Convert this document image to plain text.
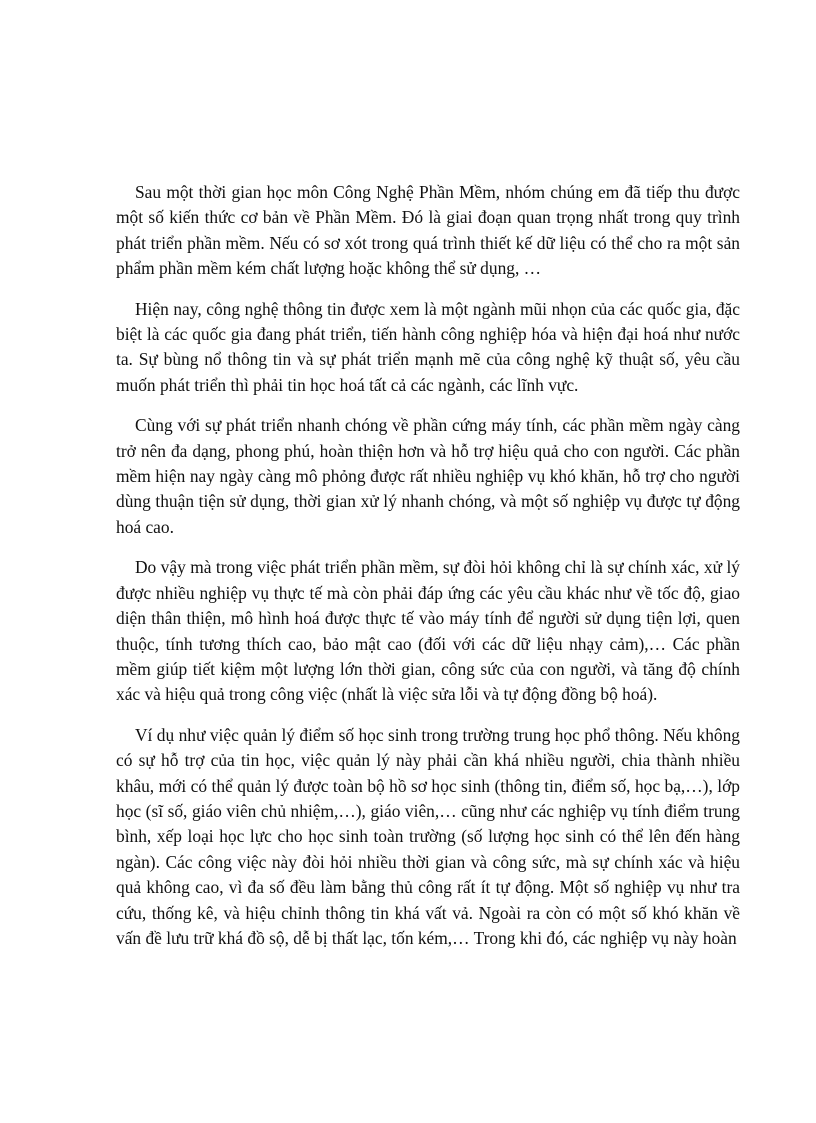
Sau một thời gian học môn Công Nghệ Phần Mềm, nhóm chúng em đã tiếp thu được một số kiến thức cơ bản về Phần Mềm. Đó là giai đoạn quan trọng nhất trong quy trình phát triển phần mềm. Nếu có sơ xót trong quá trình thiết kế dữ liệu có thể cho ra một sản phẩm phần mềm kém chất lượng hoặc không thể sử dụng, …

Hiện nay, công nghệ thông tin được xem là một ngành mũi nhọn của các quốc gia, đặc biệt là các quốc gia đang phát triển, tiến hành công nghiệp hóa và hiện đại hoá như nước ta. Sự bùng nổ thông tin và sự phát triển mạnh mẽ của công nghệ kỹ thuật số, yêu cầu muốn phát triển thì phải tin học hoá tất cả các ngành, các lĩnh vực.

Cùng với sự phát triển nhanh chóng về phần cứng máy tính, các phần mềm ngày càng trở nên đa dạng, phong phú, hoàn thiện hơn và hỗ trợ hiệu quả cho con người. Các phần mềm hiện nay ngày càng mô phỏng được rất nhiều nghiệp vụ khó khăn, hỗ trợ cho người dùng thuận tiện sử dụng, thời gian xử lý nhanh chóng, và một số nghiệp vụ được tự động hoá cao.

Do vậy mà trong việc phát triển phần mềm, sự đòi hỏi không chỉ là sự chính xác, xử lý được nhiều nghiệp vụ thực tế mà còn phải đáp ứng các yêu cầu khác như về tốc độ, giao diện thân thiện, mô hình hoá được thực tế vào máy tính để người sử dụng tiện lợi, quen thuộc, tính tương thích cao, bảo mật cao (đối với các dữ liệu nhạy cảm),… Các phần mềm giúp tiết kiệm một lượng lớn thời gian, công sức của con người, và tăng độ chính xác và hiệu quả trong công việc (nhất là việc sửa lỗi và tự động đồng bộ hoá).

Ví dụ như việc quản lý điểm số học sinh trong trường trung học phổ thông. Nếu không có sự hỗ trợ của tin học, việc quản lý này phải cần khá nhiều người, chia thành nhiều khâu, mới có thể quản lý được toàn bộ hồ sơ học sinh (thông tin, điểm số, học bạ,…), lớp học (sĩ số, giáo viên chủ nhiệm,…), giáo viên,… cũng như các nghiệp vụ tính điểm trung bình, xếp loại học lực cho học sinh toàn trường (số lượng học sinh có thể lên đến hàng ngàn). Các công việc này đòi hỏi nhiều thời gian và công sức, mà sự chính xác và hiệu quả không cao, vì đa số đều làm bằng thủ công rất ít tự động. Một số nghiệp vụ như tra cứu, thống kê, và hiệu chỉnh thông tin khá vất vả. Ngoài ra còn có một số khó khăn về vấn đề lưu trữ khá đồ sộ, dễ bị thất lạc, tốn kém,… Trong khi đó, các nghiệp vụ này hoàn
